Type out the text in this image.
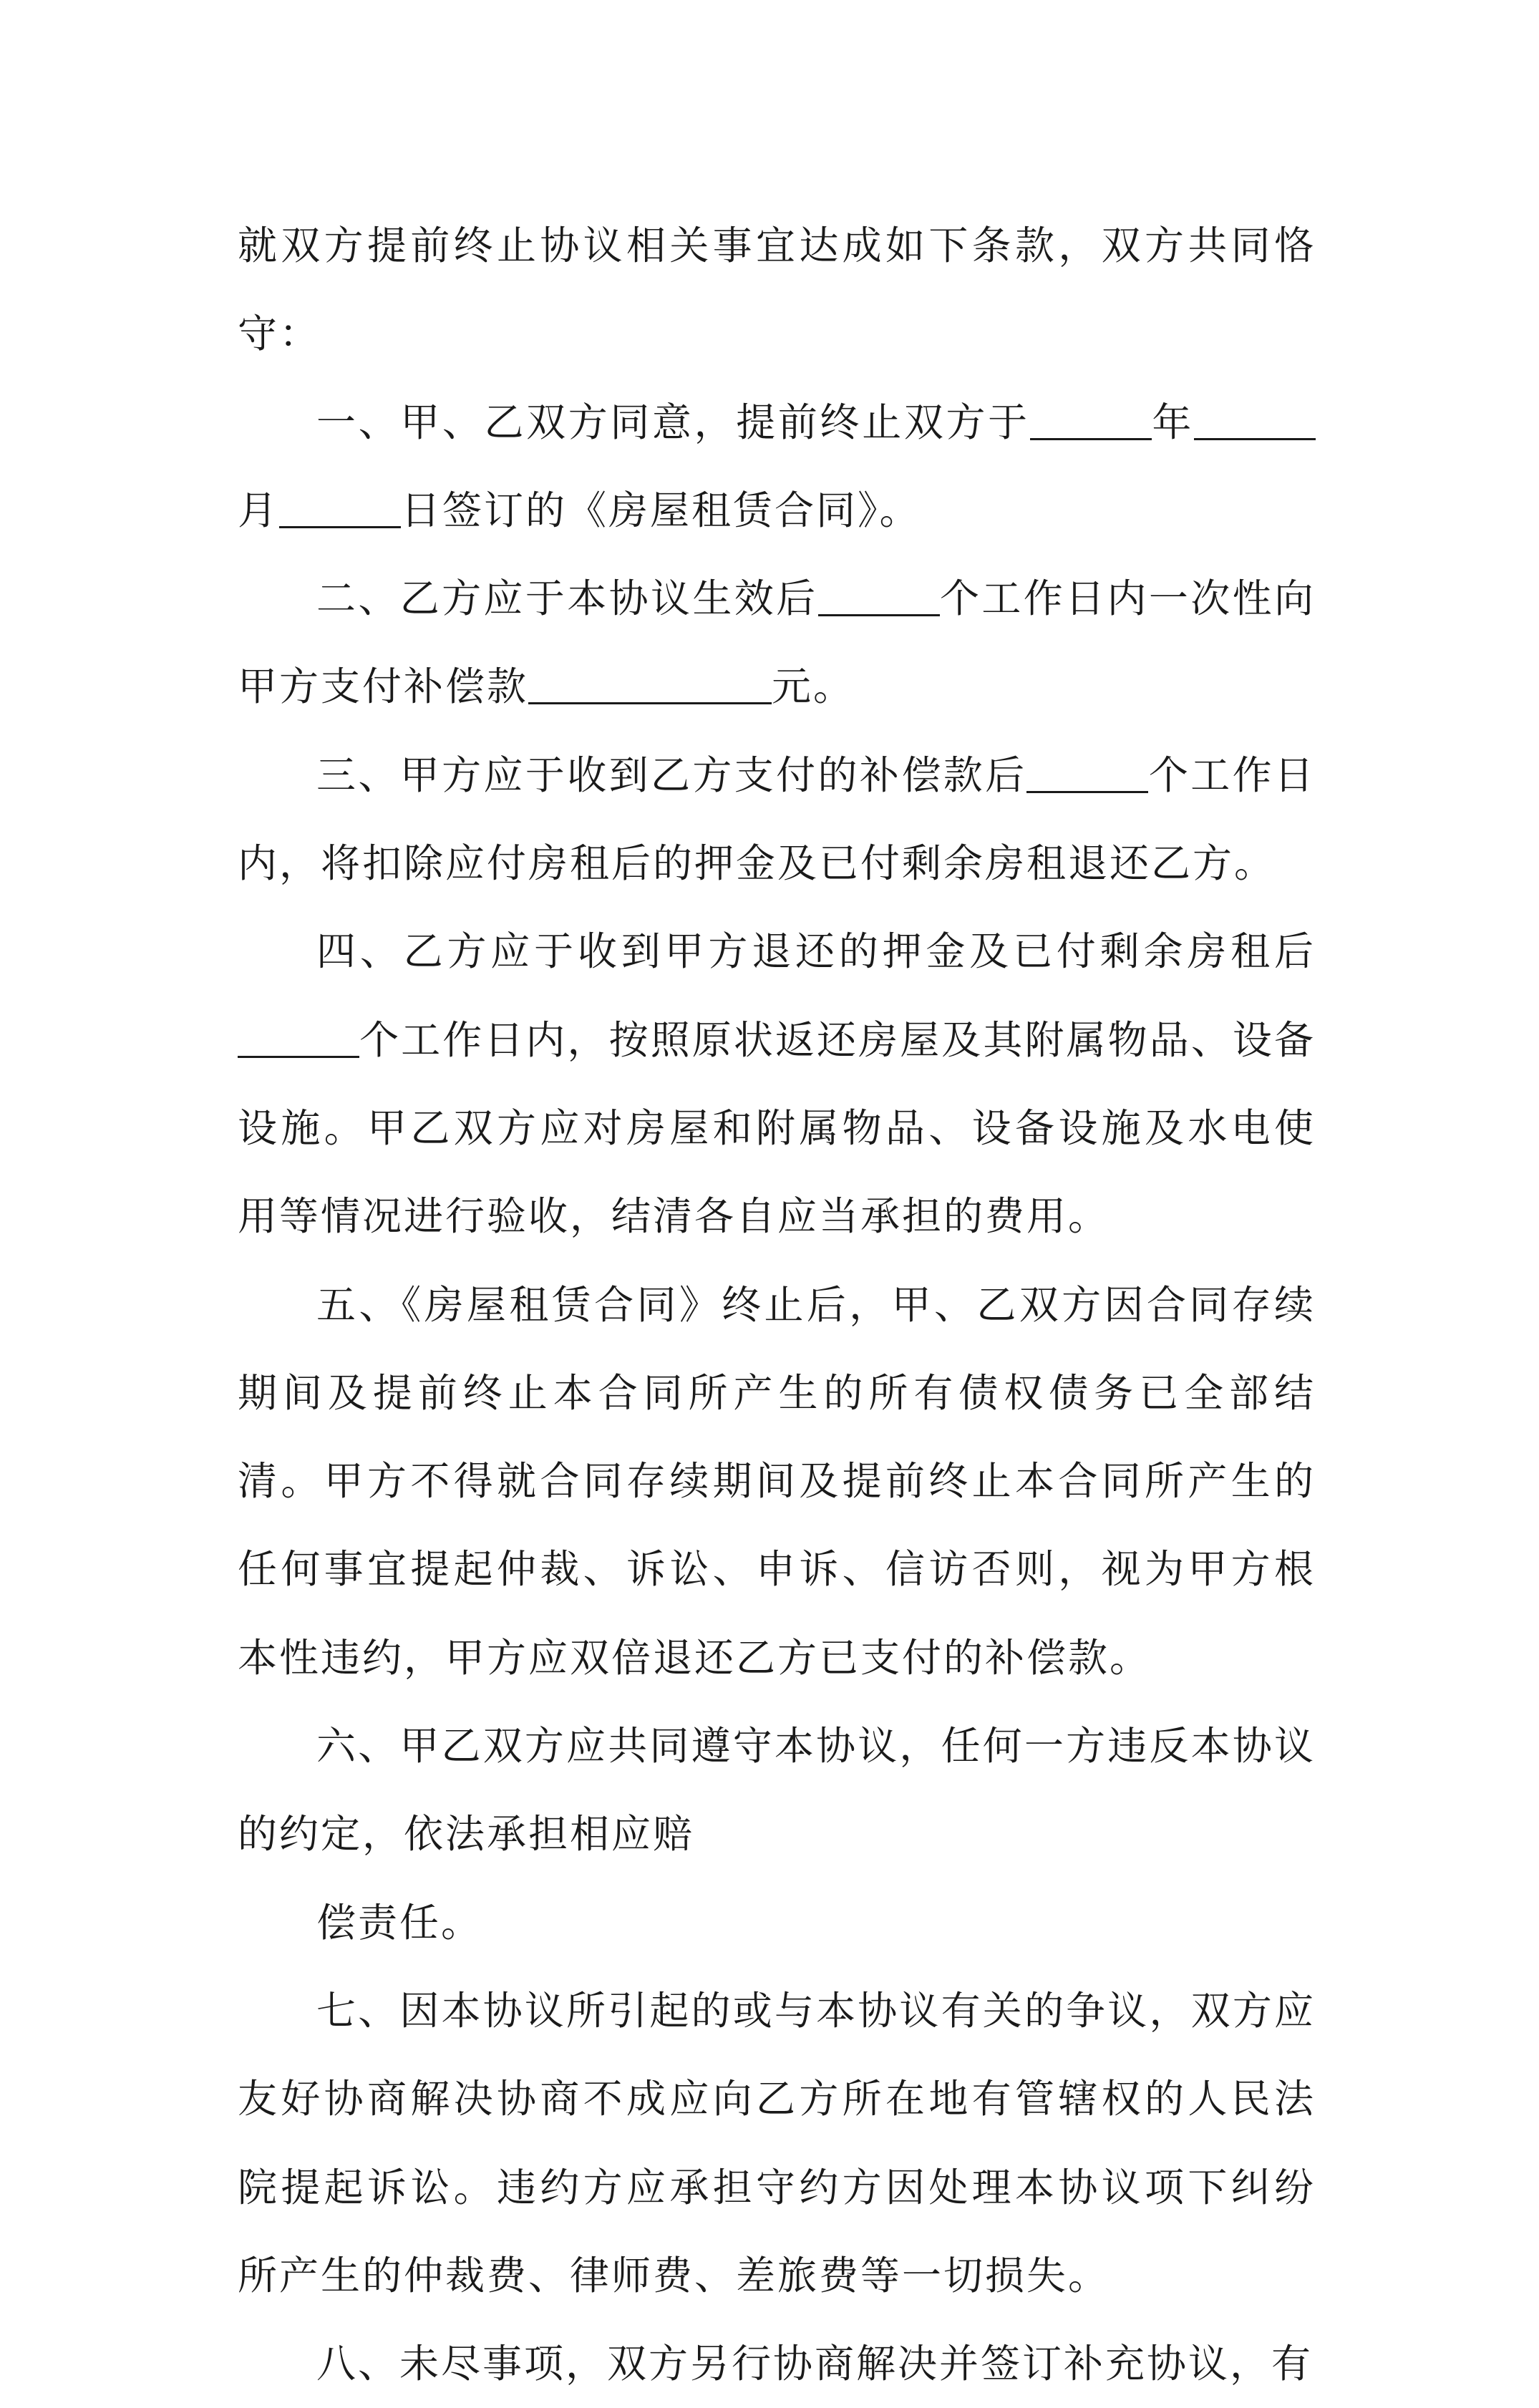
就双方提前终止协议相关事宜达成如下条款，双方共同恪守：

一、甲、乙双方同意，提前终止双方于	年月	日签订的《房屋租赁合同》。

二、乙方应于本协议生效后	个工作日内一次性向甲方支付补偿款	元。

三、甲方应于收到乙方支付的补偿款后	个工作日内，将扣除应付房租后的押金及已付剩余房租退还乙方。

四、乙方应于收到甲方退还的押金及已付剩余房租后个工作日内，按照原状返还房屋及其附属物品、设备设施。甲乙双方应对房屋和附属物品、设备设施及水电使用等情况进行验收，结清各自应当承担的费用。

五、《房屋租赁合同》终止后，甲、乙双方因合同存续期间及提前终止本合同所产生的所有债权债务已全部结清。甲方不得就合同存续期间及提前终止本合同所产生的任何事宜提起仲裁、诉讼、申诉、信访否则，视为甲方根本性违约，甲方应双倍退还乙方已支付的补偿款。

六、甲乙双方应共同遵守本协议，任何一方违反本协议的约定，依法承担相应赔

偿责任。

七、因本协议所引起的或与本协议有关的争议，双方应友好协商解决协商不成应向乙方所在地有管辖权的人民法院提起诉讼。违约方应承担守约方因处理本协议项下纠纷所产生的仲裁费、律师费、差旅费等一切损失。

八、未尽事项，双方另行协商解决并签订补充协议，有
